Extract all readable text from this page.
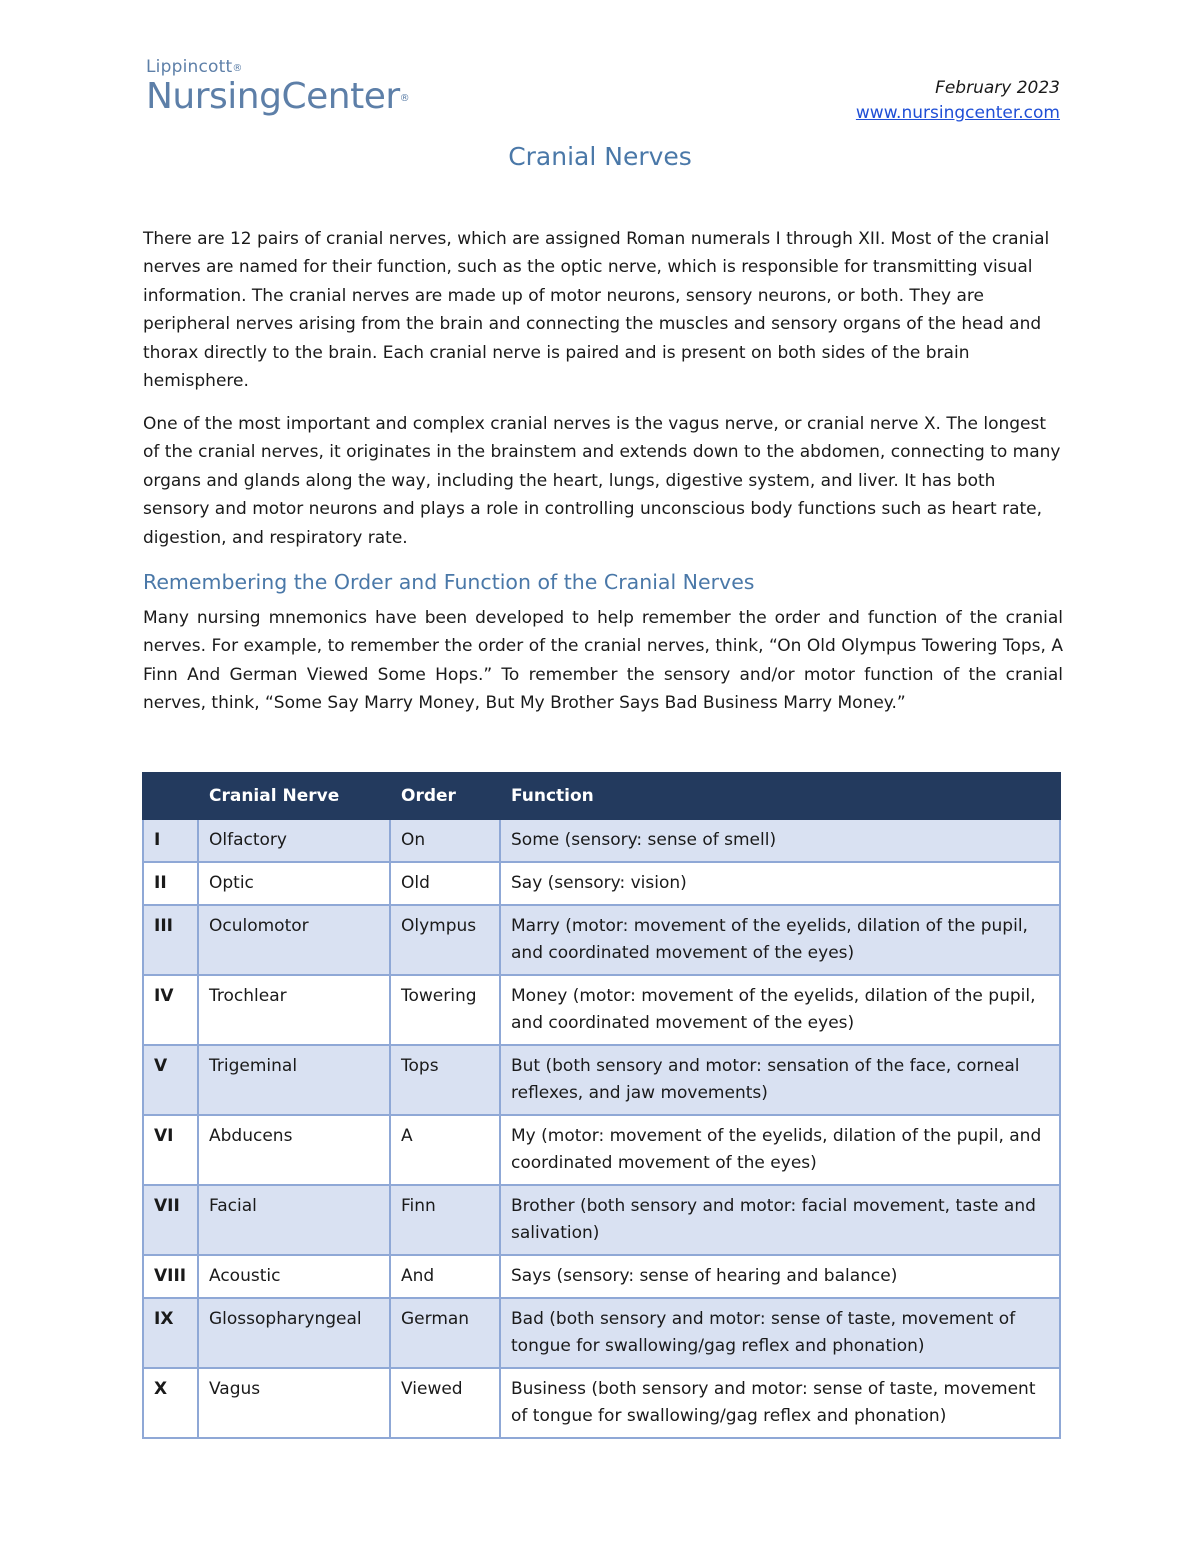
Lippincott®
NursingCenter®
February 2023
www.nursingcenter.com
Cranial Nerves
There are 12 pairs of cranial nerves, which are assigned Roman numerals I through XII. Most of the cranial nerves are named for their function, such as the optic nerve, which is responsible for transmitting visual information. The cranial nerves are made up of motor neurons, sensory neurons, or both. They are peripheral nerves arising from the brain and connecting the muscles and sensory organs of the head and thorax directly to the brain. Each cranial nerve is paired and is present on both sides of the brain hemisphere.
One of the most important and complex cranial nerves is the vagus nerve, or cranial nerve X. The longest of the cranial nerves, it originates in the brainstem and extends down to the abdomen, connecting to many organs and glands along the way, including the heart, lungs, digestive system, and liver. It has both sensory and motor neurons and plays a role in controlling unconscious body functions such as heart rate, digestion, and respiratory rate.
Remembering the Order and Function of the Cranial Nerves
Many nursing mnemonics have been developed to help remember the order and function of the cranial nerves. For example, to remember the order of the cranial nerves, think, “On Old Olympus Towering Tops, A Finn And German Viewed Some Hops.” To remember the sensory and/or motor function of the cranial nerves, think, “Some Say Marry Money, But My Brother Says Bad Business Marry Money.”
	Cranial Nerve	Order	Function
I	Olfactory	On	Some (sensory: sense of smell)
II	Optic	Old	Say (sensory: vision)
III	Oculomotor	Olympus	Marry (motor: movement of the eyelids, dilation of the pupil, and coordinated movement of the eyes)
IV	Trochlear	Towering	Money (motor: movement of the eyelids, dilation of the pupil, and coordinated movement of the eyes)
V	Trigeminal	Tops	But (both sensory and motor: sensation of the face, corneal reflexes, and jaw movements)
VI	Abducens	A	My (motor: movement of the eyelids, dilation of the pupil, and coordinated movement of the eyes)
VII	Facial	Finn	Brother (both sensory and motor: facial movement, taste and salivation)
VIII	Acoustic	And	Says (sensory: sense of hearing and balance)
IX	Glossopharyngeal	German	Bad (both sensory and motor: sense of taste, movement of tongue for swallowing/gag reflex and phonation)
X	Vagus	Viewed	Business (both sensory and motor: sense of taste, movement of tongue for swallowing/gag reflex and phonation)
